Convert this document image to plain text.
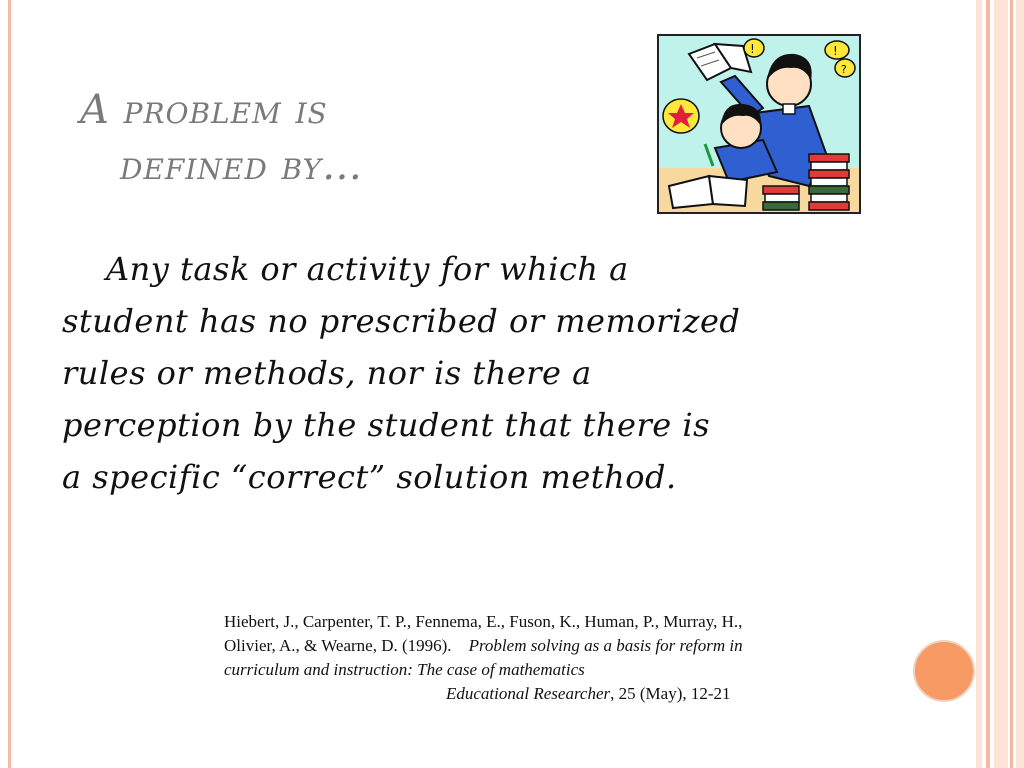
A problem is
defined by…
!	!
?
Any task or activity for which a
student has no prescribed or memorized
rules or methods, nor is there a
perception by the student that there is
a specific “correct” solution method.
Hiebert, J., Carpenter, T. P., Fennema, E., Fuson, K., Human, P., Murray, H.,
Olivier, A., & Wearne, D. (1996). Problem solving as a basis for reform in
curriculum and instruction: The case of mathematics
Educational Researcher, 25 (May), 12-21
